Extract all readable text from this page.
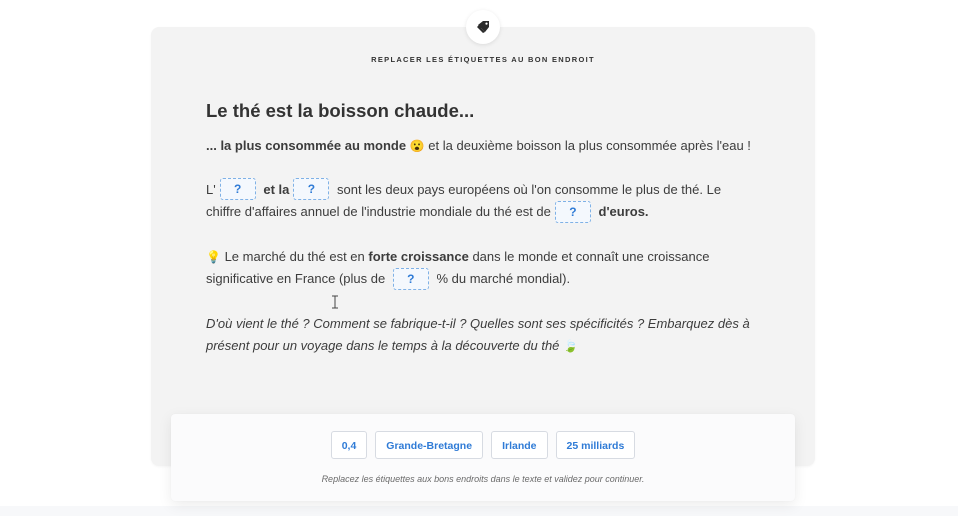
REPLACER LES ÉTIQUETTES AU BON ENDROIT
Le thé est la boisson chaude...

... la plus consommée au monde 😮 et la deuxième boisson la plus consommée après l'eau !

L' ? et la ? sont les deux pays européens où l'on consomme le plus de thé. Le chiffre d'affaires annuel de l'industrie mondiale du thé est de ? d'euros.

💡 Le marché du thé est en forte croissance dans le monde et connaît une croissance significative en France (plus de ? % du marché mondial).

D'où vient le thé ? Comment se fabrique-t-il ? Quelles sont ses spécificités ? Embarquez dès à présent pour un voyage dans le temps à la découverte du thé 🍃

0,4	Grande-Bretagne	Irlande	25 milliards
Replacez les étiquettes aux bons endroits dans le texte et validez pour continuer.
